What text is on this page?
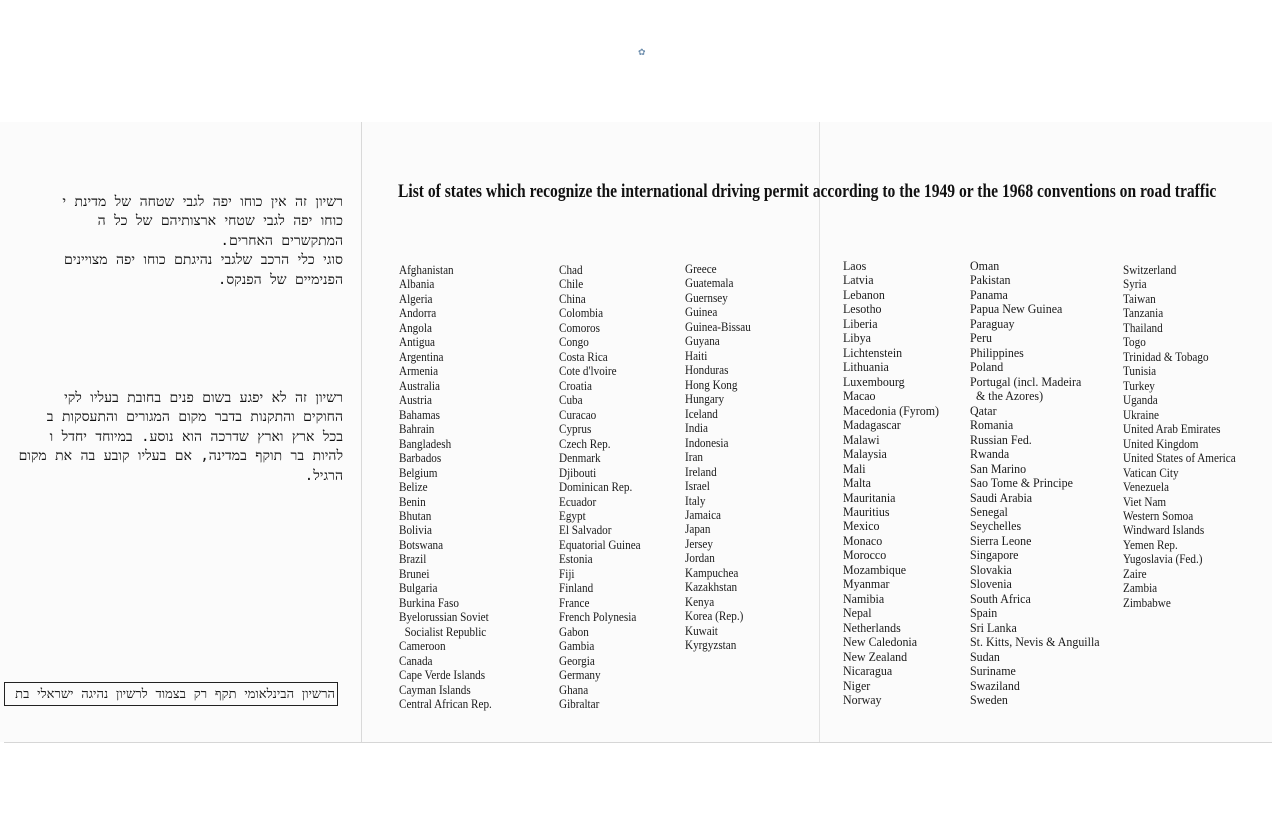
✿
רשיון זה אין כוחו יפה לגבי שטחה של מדינת י
כוחו יפה לגבי שטחי ארצותיהם של כל ה
המתקשרים האחרים.
סוגי כלי הרכב שלגבי נהיגתם כוחו יפה מצויינים
הפנימיים של הפנקס.
רשיון זה לא יפגע בשום פנים בחובת בעליו לקי
החוקים והתקנות בדבר מקום המגורים והתעסקות ב
בכל ארץ וארץ שדרכה הוא נוסע. במיוחד יחדל ו
להיות בר תוקף במדינה, אם בעליו קובע בה את מקום
הרגיל.
הרשיון הבינלאומי תקף רק בצמוד לרשיון נהיגה ישראלי בת
List of states which recognize the international driving permit according to the 1949 or the 1968 conventions on road traffic
Afghanistan
Albania
Algeria
Andorra
Angola
Antigua
Argentina
Armenia
Australia
Austria
Bahamas
Bahrain
Bangladesh
Barbados
Belgium
Belize
Benin
Bhutan
Bolivia
Botswana
Brazil
Brunei
Bulgaria
Burkina Faso
Byelorussian Soviet
Socialist Republic
Cameroon
Canada
Cape Verde Islands
Cayman Islands
Central African Rep.
Chad
Chile
China
Colombia
Comoros
Congo
Costa Rica
Cote d'lvoire
Croatia
Cuba
Curacao
Cyprus
Czech Rep.
Denmark
Djibouti
Dominican Rep.
Ecuador
Egypt
El Salvador
Equatorial Guinea
Estonia
Fiji
Finland
France
French Polynesia
Gabon
Gambia
Georgia
Germany
Ghana
Gibraltar
Greece
Guatemala
Guernsey
Guinea
Guinea-Bissau
Guyana
Haiti
Honduras
Hong Kong
Hungary
Iceland
India
Indonesia
Iran
Ireland
Israel
Italy
Jamaica
Japan
Jersey
Jordan
Kampuchea
Kazakhstan
Kenya
Korea (Rep.)
Kuwait
Kyrgyzstan
Laos
Latvia
Lebanon
Lesotho
Liberia
Libya
Lichtenstein
Lithuania
Luxembourg
Macao
Macedonia (Fyrom)
Madagascar
Malawi
Malaysia
Mali
Malta
Mauritania
Mauritius
Mexico
Monaco
Morocco
Mozambique
Myanmar
Namibia
Nepal
Netherlands
New Caledonia
New Zealand
Nicaragua
Niger
Norway
Oman
Pakistan
Panama
Papua New Guinea
Paraguay
Peru
Philippines
Poland
Portugal (incl. Madeira
& the Azores)
Qatar
Romania
Russian Fed.
Rwanda
San Marino
Sao Tome & Principe
Saudi Arabia
Senegal
Seychelles
Sierra Leone
Singapore
Slovakia
Slovenia
South Africa
Spain
Sri Lanka
St. Kitts, Nevis & Anguilla
Sudan
Suriname
Swaziland
Sweden
Switzerland
Syria
Taiwan
Tanzania
Thailand
Togo
Trinidad & Tobago
Tunisia
Turkey
Uganda
Ukraine
United Arab Emirates
United Kingdom
United States of America
Vatican City
Venezuela
Viet Nam
Western Somoa
Windward Islands
Yemen Rep.
Yugoslavia (Fed.)
Zaire
Zambia
Zimbabwe
